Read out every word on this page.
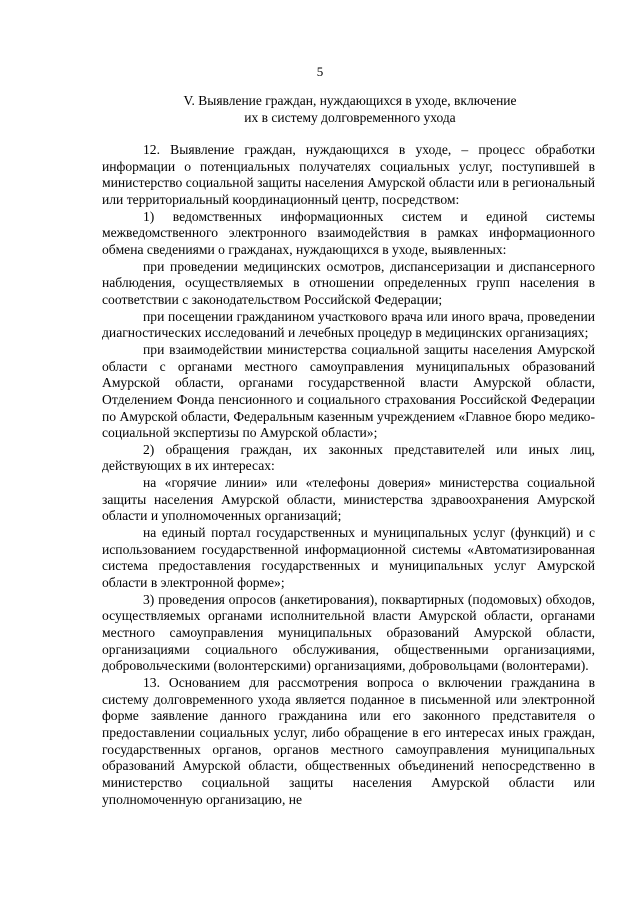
5
V. Выявление граждан, нуждающихся в уходе, включение
их в систему долговременного ухода

12. Выявление граждан, нуждающихся в уходе, – процесс обработки информации о потенциальных получателях социальных услуг, поступившей в министерство социальной защиты населения Амурской области или в региональный или территориальный координационный центр, посредством:

1) ведомственных информационных систем и единой системы межведомственного электронного взаимодействия в рамках информационного обмена сведениями о гражданах, нуждающихся в уходе, выявленных:

при проведении медицинских осмотров, диспансеризации и диспансерного наблюдения, осуществляемых в отношении определенных групп населения в соответствии с законодательством Российской Федерации;

при посещении гражданином участкового врача или иного врача, проведении диагностических исследований и лечебных процедур в медицинских организациях;

при взаимодействии министерства социальной защиты населения Амурской области с органами местного самоуправления муниципальных образований Амурской области, органами государственной власти Амурской области, Отделением Фонда пенсионного и социального страхования Российской Федерации по Амурской области, Федеральным казенным учреждением «Главное бюро медико-социальной экспертизы по Амурской области»;

2) обращения граждан, их законных представителей или иных лиц, действующих в их интересах:

на «горячие линии» или «телефоны доверия» министерства социальной защиты населения Амурской области, министерства здравоохранения Амурской области и уполномоченных организаций;

на единый портал государственных и муниципальных услуг (функций) и с использованием государственной информационной системы «Автоматизированная система предоставления государственных и муниципальных услуг Амурской области в электронной форме»;

3) проведения опросов (анкетирования), поквартирных (подомовых) обходов, осуществляемых органами исполнительной власти Амурской области, органами местного самоуправления муниципальных образований Амурской области, организациями социального обслуживания, общественными организациями, добровольческими (волонтерскими) организациями, добровольцами (волонтерами).

13. Основанием для рассмотрения вопроса о включении гражданина в систему долговременного ухода является поданное в письменной или электронной форме заявление данного гражданина или его законного представителя о предоставлении социальных услуг, либо обращение в его интересах иных граждан, государственных органов, органов местного самоуправления муниципальных образований Амурской области, общественных объединений непосредственно в министерство социальной защиты населения Амурской области или уполномоченную организацию, не
